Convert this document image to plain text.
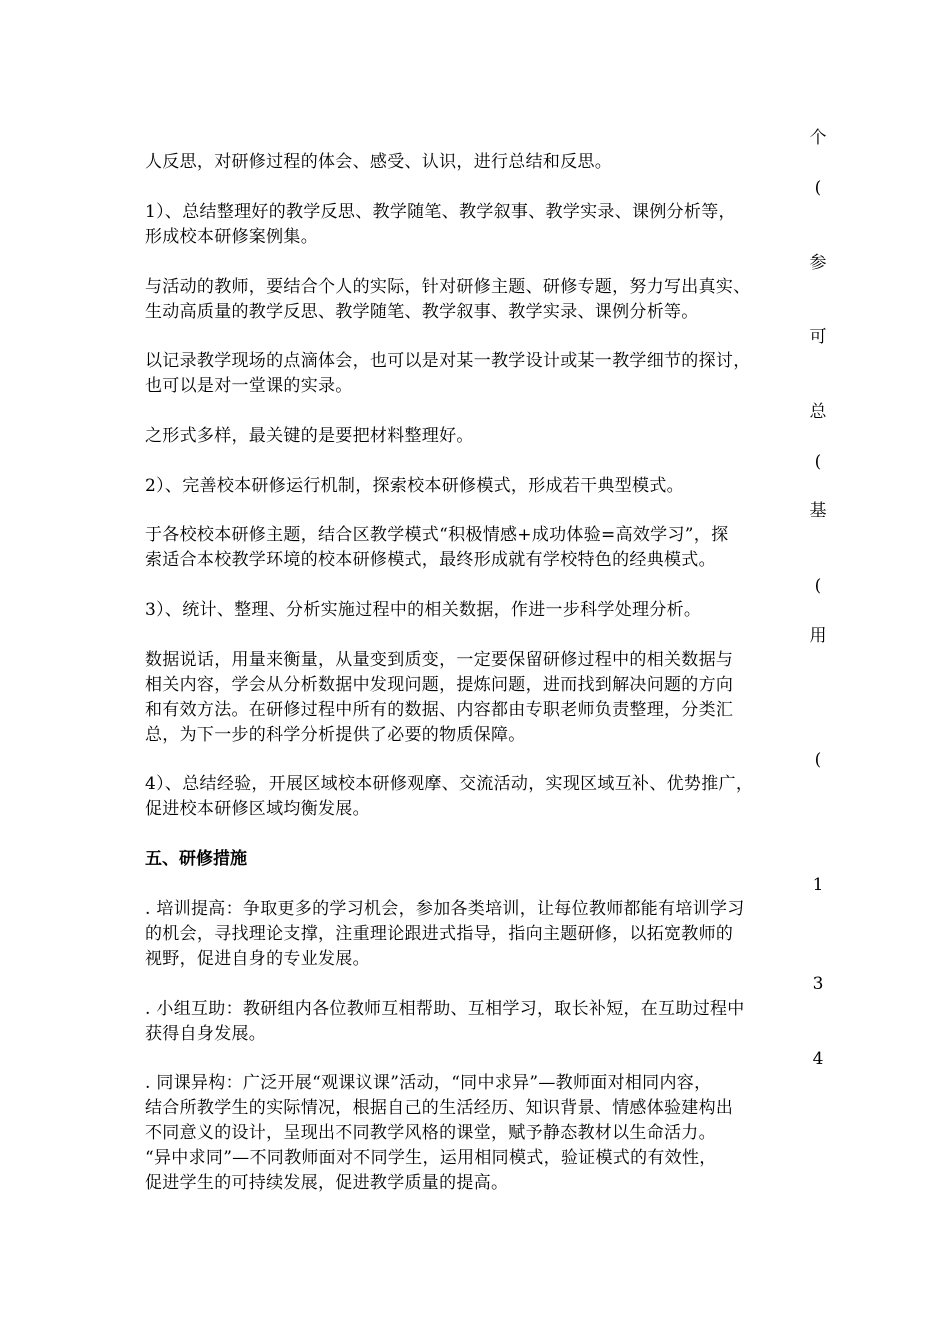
个
(
参
可
总
(
基
(
用
(
1
3
4
人反思，对研修过程的体会、感受、认识，进行总结和反思。
1）、总结整理好的教学反思、教学随笔、教学叙事、教学实录、课例分析等，
形成校本研修案例集。
与活动的教师，要结合个人的实际，针对研修主题、研修专题，努力写出真实、
生动高质量的教学反思、教学随笔、教学叙事、教学实录、课例分析等。
以记录教学现场的点滴体会，也可以是对某一教学设计或某一教学细节的探讨，
也可以是对一堂课的实录。
之形式多样，最关键的是要把材料整理好。
2）、完善校本研修运行机制，探索校本研修模式，形成若干典型模式。
于各校校本研修主题，结合区教学模式“积极情感+成功体验=高效学习”，探
索适合本校教学环境的校本研修模式，最终形成就有学校特色的经典模式。
3）、统计、整理、分析实施过程中的相关数据，作进一步科学处理分析。
数据说话，用量来衡量，从量变到质变，一定要保留研修过程中的相关数据与
相关内容，学会从分析数据中发现问题，提炼问题，进而找到解决问题的方向
和有效方法。在研修过程中所有的数据、内容都由专职老师负责整理，分类汇
总，为下一步的科学分析提供了必要的物质保障。
4）、总结经验，开展区域校本研修观摩、交流活动，实现区域互补、优势推广，
促进校本研修区域均衡发展。
五、研修措施
. 培训提高：争取更多的学习机会，参加各类培训，让每位教师都能有培训学习
的机会，寻找理论支撑，注重理论跟进式指导，指向主题研修，以拓宽教师的
视野，促进自身的专业发展。
. 小组互助：教研组内各位教师互相帮助、互相学习，取长补短，在互助过程中
获得自身发展。
. 同课异构：广泛开展“观课议课”活动，“同中求异”—教师面对相同内容，
结合所教学生的实际情况，根据自己的生活经历、知识背景、情感体验建构出
不同意义的设计，呈现出不同教学风格的课堂，赋予静态教材以生命活力。
“异中求同”—不同教师面对不同学生，运用相同模式，验证模式的有效性，
促进学生的可持续发展，促进教学质量的提高。
